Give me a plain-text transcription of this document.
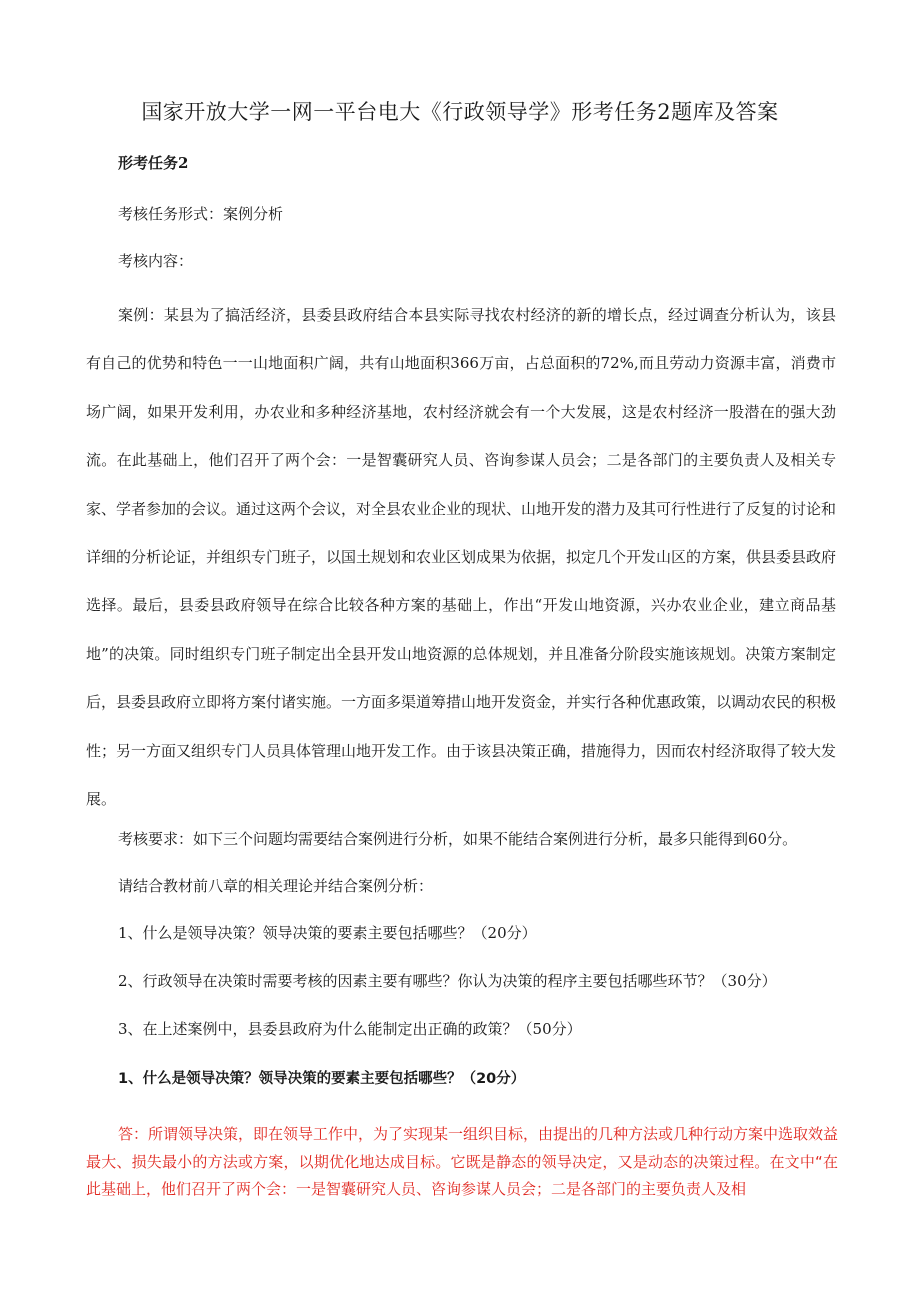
国家开放大学一网一平台电大《行政领导学》形考任务2题库及答案
形考任务2
考核任务形式：案例分析
考核内容：
案例：某县为了搞活经济，县委县政府结合本县实际寻找农村经济的新的增长点，经过调查分析认为，该县有自己的优势和特色一一山地面积广阔，共有山地面积366万亩，占总面积的72%,而且劳动力资源丰富，消费市场广阔，如果开发利用，办农业和多种经济基地，农村经济就会有一个大发展，这是农村经济一股潜在的强大劲流。在此基础上，他们召开了两个会：一是智囊研究人员、咨询参谋人员会；二是各部门的主要负责人及相关专家、学者参加的会议。通过这两个会议，对全县农业企业的现状、山地开发的潜力及其可行性进行了反复的讨论和详细的分析论证，并组织专门班子，以国土规划和农业区划成果为依据，拟定几个开发山区的方案，供县委县政府选择。最后，县委县政府领导在综合比较各种方案的基础上，作出“开发山地资源，兴办农业企业，建立商品基地”的决策。同时组织专门班子制定出全县开发山地资源的总体规划，并且准备分阶段实施该规划。决策方案制定后，县委县政府立即将方案付诸实施。一方面多渠道筹措山地开发资金，并实行各种优惠政策，以调动农民的积极性；另一方面又组织专门人员具体管理山地开发工作。由于该县决策正确，措施得力，因而农村经济取得了较大发展。
考核要求：如下三个问题均需要结合案例进行分析，如果不能结合案例进行分析，最多只能得到60分。
请结合教材前八章的相关理论并结合案例分析：
1、什么是领导决策？领导决策的要素主要包括哪些？（20分）
2、行政领导在决策时需要考核的因素主要有哪些？你认为决策的程序主要包括哪些环节？（30分）
3、在上述案例中，县委县政府为什么能制定出正确的政策？（50分）
1、什么是领导决策？领导决策的要素主要包括哪些？（20分）
答：所谓领导决策，即在领导工作中，为了实现某一组织目标，由提出的几种方法或几种行动方案中选取效益最大、损失最小的方法或方案，以期优化地达成目标。它既是静态的领导决定，又是动态的决策过程。在文中“在此基础上，他们召开了两个会：一是智囊研究人员、咨询参谋人员会；二是各部门的主要负责人及相
